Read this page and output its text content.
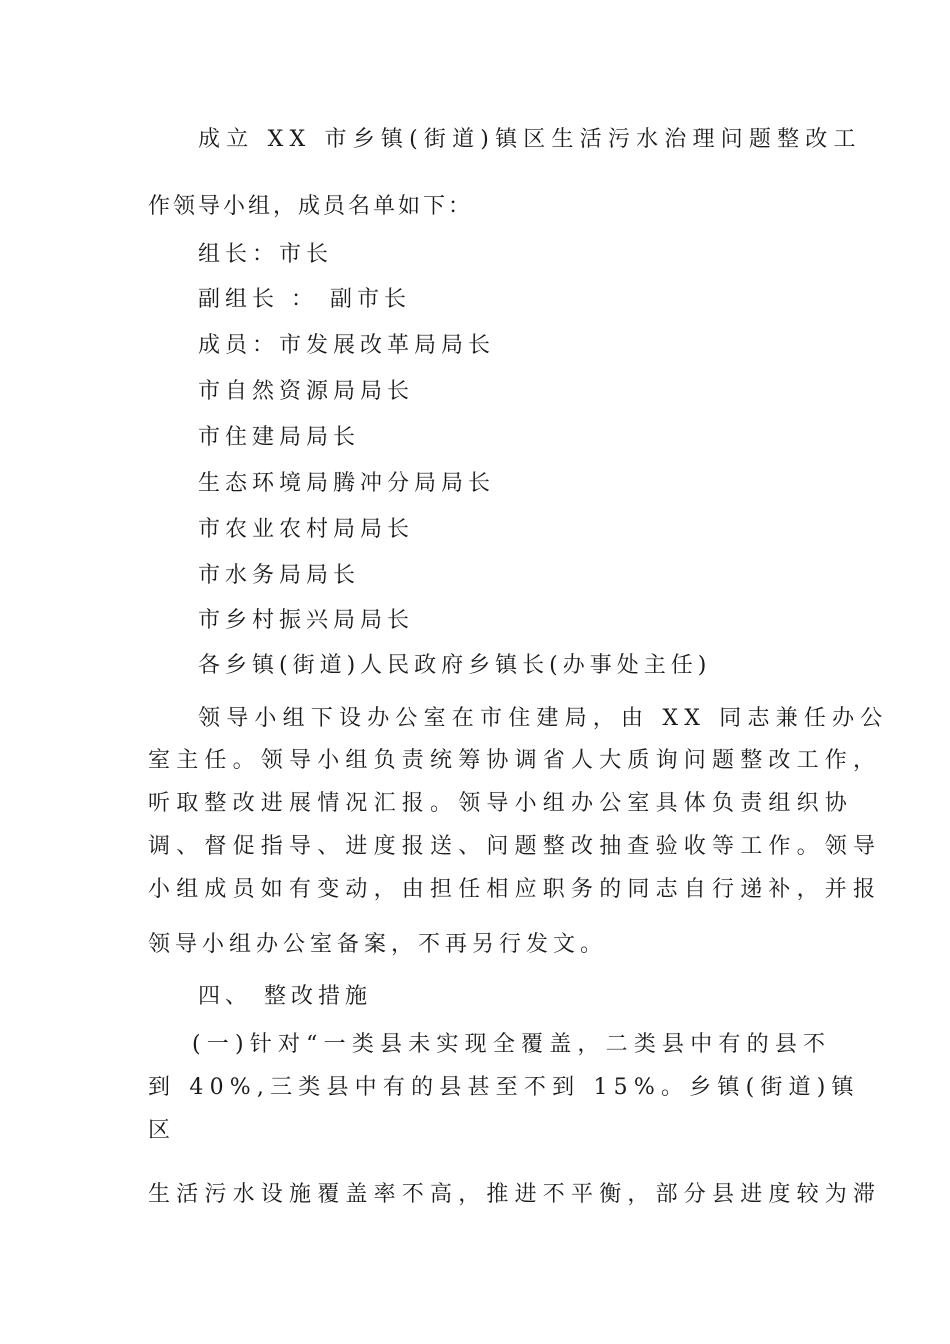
成立 XX 市乡镇(街道)镇区生活污水治理问题整改工
作领导小组，成员名单如下：
组长：市长
副组长 ： 副市长
成员：市发展改革局局长
市自然资源局局长
市住建局局长
生态环境局腾冲分局局长
市农业农村局局长
市水务局局长
市乡村振兴局局长
各乡镇(街道)人民政府乡镇长(办事处主任)
领导小组下设办公室在市住建局，由 XX 同志兼任办公
室主任。领导小组负责统筹协调省人大质询问题整改工作，
听取整改进展情况汇报。领导小组办公室具体负责组织协
调、督促指导、进度报送、问题整改抽查验收等工作。领导
小组成员如有变动，由担任相应职务的同志自行递补，并报
领导小组办公室备案，不再另行发文。
四、 整改措施
(一)针对“一类县未实现全覆盖，二类县中有的县不
到 40%,三类县中有的县甚至不到 15%。乡镇(街道)镇
区
生活污水设施覆盖率不高，推进不平衡，部分县进度较为滞
